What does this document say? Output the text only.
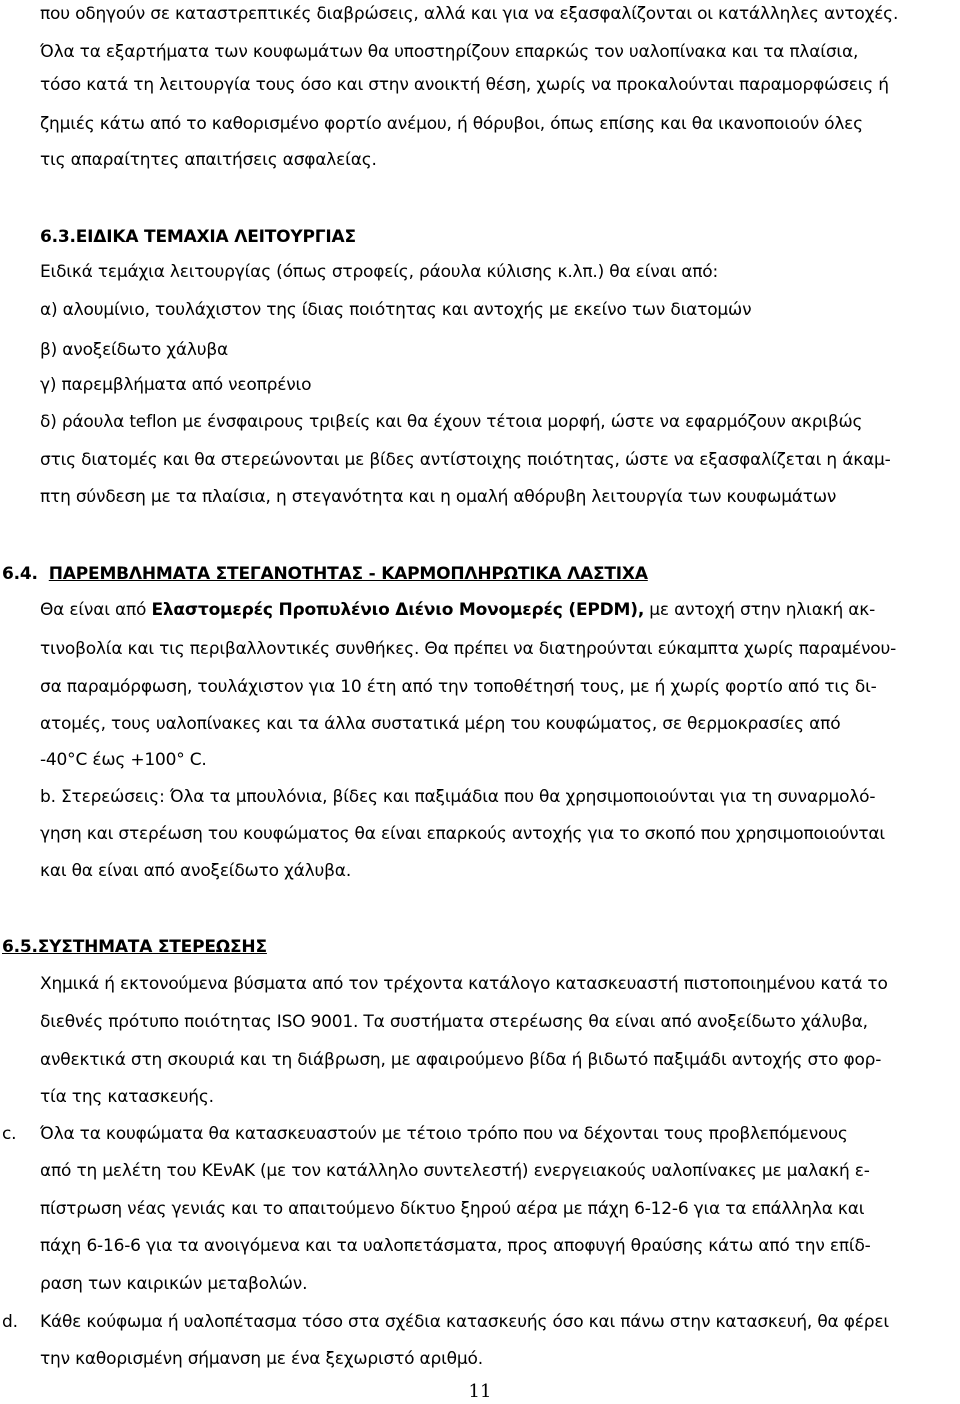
που οδηγούν σε καταστρεπτικές διαβρώσεις, αλλά και για να εξασφαλίζονται οι κατάλληλες αντοχές.
Όλα τα εξαρτήματα των κουφωμάτων θα υποστηρίζουν επαρκώς τον υαλοπίνακα και τα πλαίσια,
τόσο κατά τη λειτουργία τους όσο και στην ανοικτή θέση, χωρίς να προκαλούνται παραμορφώσεις ή
ζημιές κάτω από το καθορισμένο φορτίο ανέμου, ή θόρυβοι, όπως επίσης και θα ικανοποιούν όλες
τις απαραίτητες απαιτήσεις ασφαλείας.
6.3.ΕΙΔΙΚΑ ΤΕΜΑΧΙΑ ΛΕΙΤΟΥΡΓΙΑΣ
Ειδικά τεμάχια λειτουργίας (όπως στροφείς, ράουλα κύλισης κ.λπ.) θα είναι από:
α) αλουμίνιο, τουλάχιστον της ίδιας ποιότητας και αντοχής με εκείνο των διατομών
β) ανοξείδωτο χάλυβα
γ) παρεμβλήματα από νεοπρένιο
δ) ράουλα teflon με ένσφαιρους τριβείς και θα έχουν τέτοια μορφή, ώστε να εφαρμόζουν ακριβώς
στις διατομές και θα στερεώνονται με βίδες αντίστοιχης ποιότητας, ώστε να εξασφαλίζεται η άκαμ-
πτη σύνδεση με τα πλαίσια, η στεγανότητα και η ομαλή αθόρυβη λειτουργία των κουφωμάτων
6.4. ΠΑΡΕΜΒΛΗΜΑΤΑ ΣΤΕΓΑΝΟΤΗΤΑΣ - ΚΑΡΜΟΠΛΗΡΩΤΙΚΑ ΛΑΣΤΙΧΑ
Θα είναι από Ελαστομερές Προπυλένιο Διένιο Μονομερές (EPDM), με αντοχή στην ηλιακή ακ-
τινοβολία και τις περιβαλλοντικές συνθήκες. Θα πρέπει να διατηρούνται εύκαμπτα χωρίς παραμένου-
σα παραμόρφωση, τουλάχιστον για 10 έτη από την τοποθέτησή τους, με ή χωρίς φορτίο από τις δι-
ατομές, τους υαλοπίνακες και τα άλλα συστατικά μέρη του κουφώματος, σε θερμοκρασίες από
-40°C έως +100° C.
b. Στερεώσεις: Όλα τα μπουλόνια, βίδες και παξιμάδια που θα χρησιμοποιούνται για τη συναρμολό-
γηση και στερέωση του κουφώματος θα είναι επαρκούς αντοχής για το σκοπό που χρησιμοποιούνται
και θα είναι από ανοξείδωτο χάλυβα.
6.5.ΣΥΣΤΗΜΑΤΑ ΣΤΕΡΕΩΣΗΣ
Χημικά ή εκτονούμενα βύσματα από τον τρέχοντα κατάλογο κατασκευαστή πιστοποιημένου κατά το
διεθνές πρότυπο ποιότητας ISO 9001. Τα συστήματα στερέωσης θα είναι από ανοξείδωτο χάλυβα,
ανθεκτικά στη σκουριά και τη διάβρωση, με αφαιρούμενο βίδα ή βιδωτό παξιμάδι αντοχής στο φορ-
τία της κατασκευής.
c. Όλα τα κουφώματα θα κατασκευαστούν με τέτοιο τρόπο που να δέχονται τους προβλεπόμενους
από τη μελέτη του ΚΕνΑΚ (με τον κατάλληλο συντελεστή) ενεργειακούς υαλοπίνακες με μαλακή ε-
πίστρωση νέας γενιάς και το απαιτούμενο δίκτυο ξηρού αέρα με πάχη 6-12-6 για τα επάλληλα και
πάχη 6-16-6 για τα ανοιγόμενα και τα υαλοπετάσματα, προς αποφυγή θραύσης κάτω από την επίδ-
ραση των καιρικών μεταβολών.
d. Κάθε κούφωμα ή υαλοπέτασμα τόσο στα σχέδια κατασκευής όσο και πάνω στην κατασκευή, θα φέρει
την καθορισμένη σήμανση με ένα ξεχωριστό αριθμό.
11
